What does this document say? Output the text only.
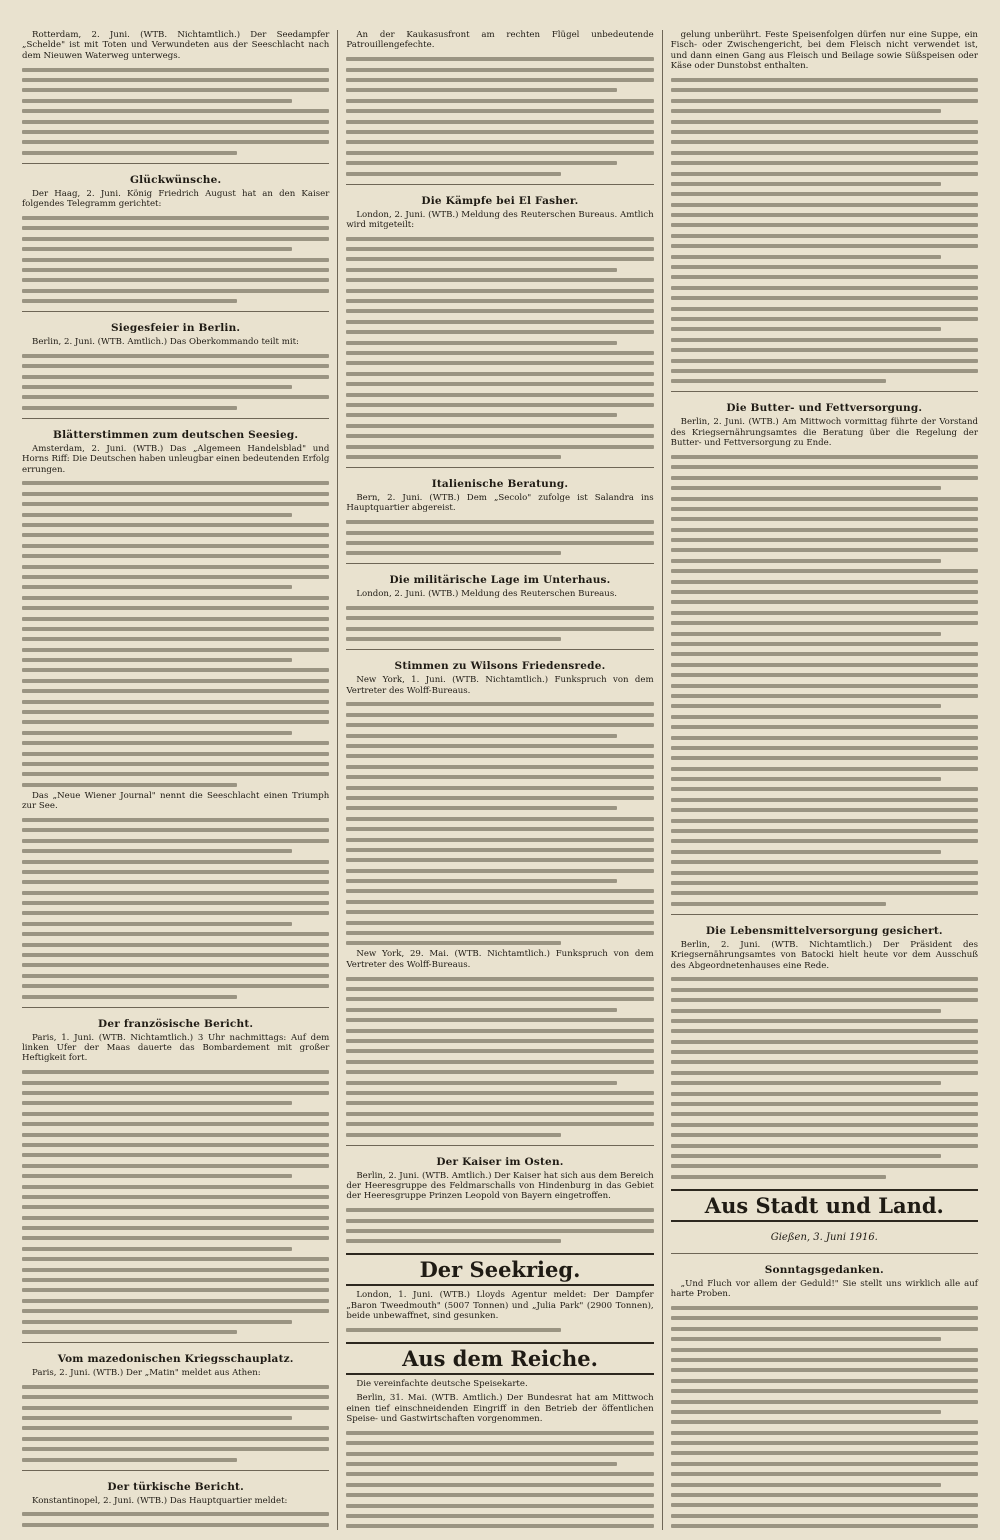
Rotterdam, 2. Juni. (WTB. Nichtamtlich.) Der Seedampfer „Schelde" ist mit Toten und Verwundeten aus der Seeschlacht nach dem Nieuwen Waterweg unterwegs.

Glückwünsche.

Der Haag, 2. Juni. König Friedrich August hat an den Kaiser folgendes Telegramm gerichtet:

Siegesfeier in Berlin.

Berlin, 2. Juni. (WTB. Amtlich.) Das Oberkommando teilt mit:

Blätterstimmen zum deutschen Seesieg.

Amsterdam, 2. Juni. (WTB.) Das „Algemeen Handelsblad" und Horns Riff: Die Deutschen haben unleugbar einen bedeutenden Erfolg errungen.

Das „Neue Wiener Journal" nennt die Seeschlacht einen Triumph zur See.

Der französische Bericht.

Paris, 1. Juni. (WTB. Nichtamtlich.) 3 Uhr nachmittags: Auf dem linken Ufer der Maas dauerte das Bombardement mit großer Heftigkeit fort.

Vom mazedonischen Kriegsschauplatz.

Paris, 2. Juni. (WTB.) Der „Matin" meldet aus Athen:

Der türkische Bericht.

Konstantinopel, 2. Juni. (WTB.) Das Hauptquartier meldet:

An der Kaukasusfront am rechten Flügel unbedeutende Patrouillengefechte.

Die Kämpfe bei El Fasher.

London, 2. Juni. (WTB.) Meldung des Reuterschen Bureaus. Amtlich wird mitgeteilt:

Italienische Beratung.

Bern, 2. Juni. (WTB.) Dem „Secolo" zufolge ist Salandra ins Hauptquartier abgereist.

Die militärische Lage im Unterhaus.

London, 2. Juni. (WTB.) Meldung des Reuterschen Bureaus.

Stimmen zu Wilsons Friedensrede.

New York, 1. Juni. (WTB. Nichtamtlich.) Funkspruch von dem Vertreter des Wolff-Bureaus.

New York, 29. Mai. (WTB. Nichtamtlich.) Funkspruch von dem Vertreter des Wolff-Bureaus.

Der Kaiser im Osten.

Berlin, 2. Juni. (WTB. Amtlich.) Der Kaiser hat sich aus dem Bereich der Heeresgruppe des Feldmarschalls von Hindenburg in das Gebiet der Heeresgruppe Prinzen Leopold von Bayern eingetroffen.

Der Seekrieg.

London, 1. Juni. (WTB.) Lloyds Agentur meldet: Der Dampfer „Baron Tweedmouth" (5007 Tonnen) und „Julia Park" (2900 Tonnen), beide unbewaffnet, sind gesunken.

Aus dem Reiche.

Die vereinfachte deutsche Speisekarte.

Berlin, 31. Mai. (WTB. Amtlich.) Der Bundesrat hat am Mittwoch einen tief einschneidenden Eingriff in den Betrieb der öffentlichen Speise- und Gastwirtschaften vorgenommen.

gelung unberührt. Feste Speisenfolgen dürfen nur eine Suppe, ein Fisch- oder Zwischengericht, bei dem Fleisch nicht verwendet ist, und dann einen Gang aus Fleisch und Beilage sowie Süßspeisen oder Käse oder Dunstobst enthalten.

Die Butter- und Fettversorgung.

Berlin, 2. Juni. (WTB.) Am Mittwoch vormittag führte der Vorstand des Kriegsernährungsamtes die Beratung über die Regelung der Butter- und Fettversorgung zu Ende.

Die Lebensmittelversorgung gesichert.

Berlin, 2. Juni. (WTB. Nichtamtlich.) Der Präsident des Kriegsernährungsamtes von Batocki hielt heute vor dem Ausschuß des Abgeordnetenhauses eine Rede.

Aus Stadt und Land.
Gießen, 3. Juni 1916.
Sonntagsgedanken.

„Und Fluch vor allem der Geduld!" Sie stellt uns wirklich alle auf harte Proben.
